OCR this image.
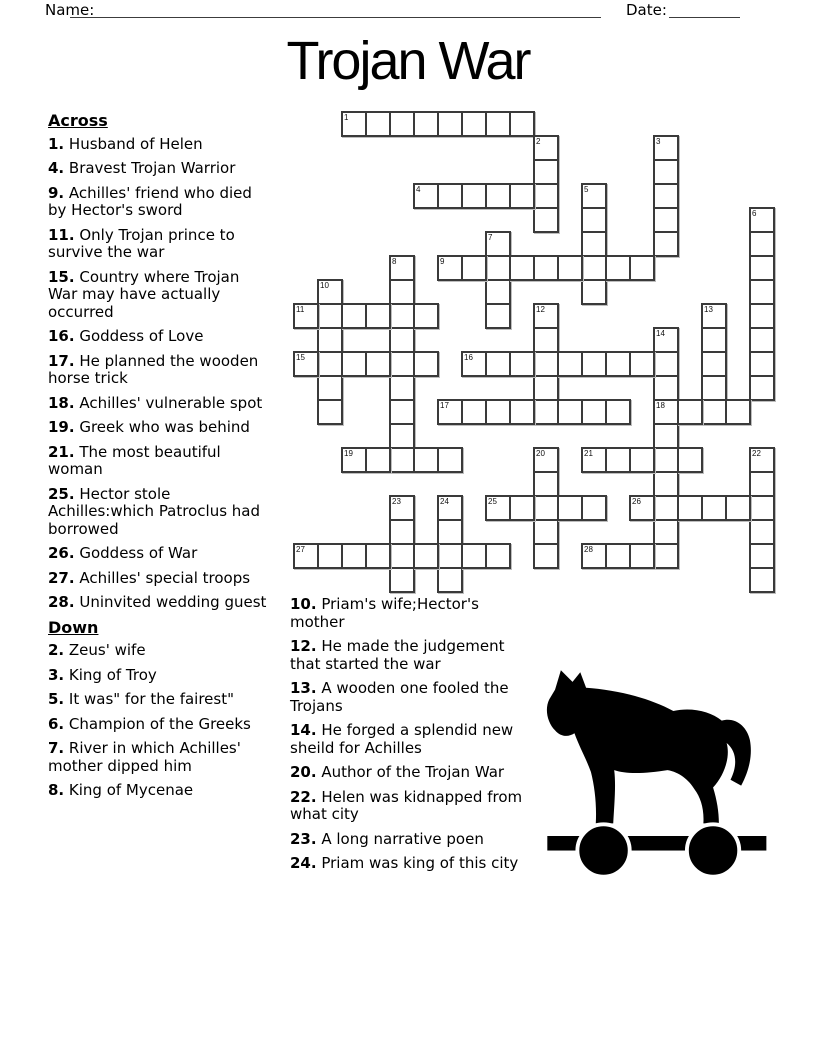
Name:	Date:
Trojan War
Across

1. Husband of Helen

4. Bravest Trojan Warrior

9. Achilles' friend who died by Hector's sword

11. Only Trojan prince to survive the war

15. Country where Trojan War may have actually occurred

16. Goddess of Love

17. He planned the wooden horse trick

18. Achilles' vulnerable spot

19. Greek who was behind

21. The most beautiful woman

25. Hector stole Achilles:which Patroclus had borrowed

26. Goddess of War

27. Achilles' special troops

28. Uninvited wedding guest

Down

2. Zeus' wife

3. King of Troy

5. It was" for the fairest"

6. Champion of the Greeks

7. River in which Achilles' mother dipped him

8. King of Mycenae

1
2	3
4	5
6
7
8	9
10
11	12	13
14
18
15	16
17
19	20	21	22
23	24	25	26
27	28

10. Priam's wife;Hector's mother

12. He made the judgement that started the war

13. A wooden one fooled the Trojans

14. He forged a splendid new sheild for Achilles

20. Author of the Trojan War

22. Helen was kidnapped from what city

23. A long narrative poen

24. Priam was king of this city
